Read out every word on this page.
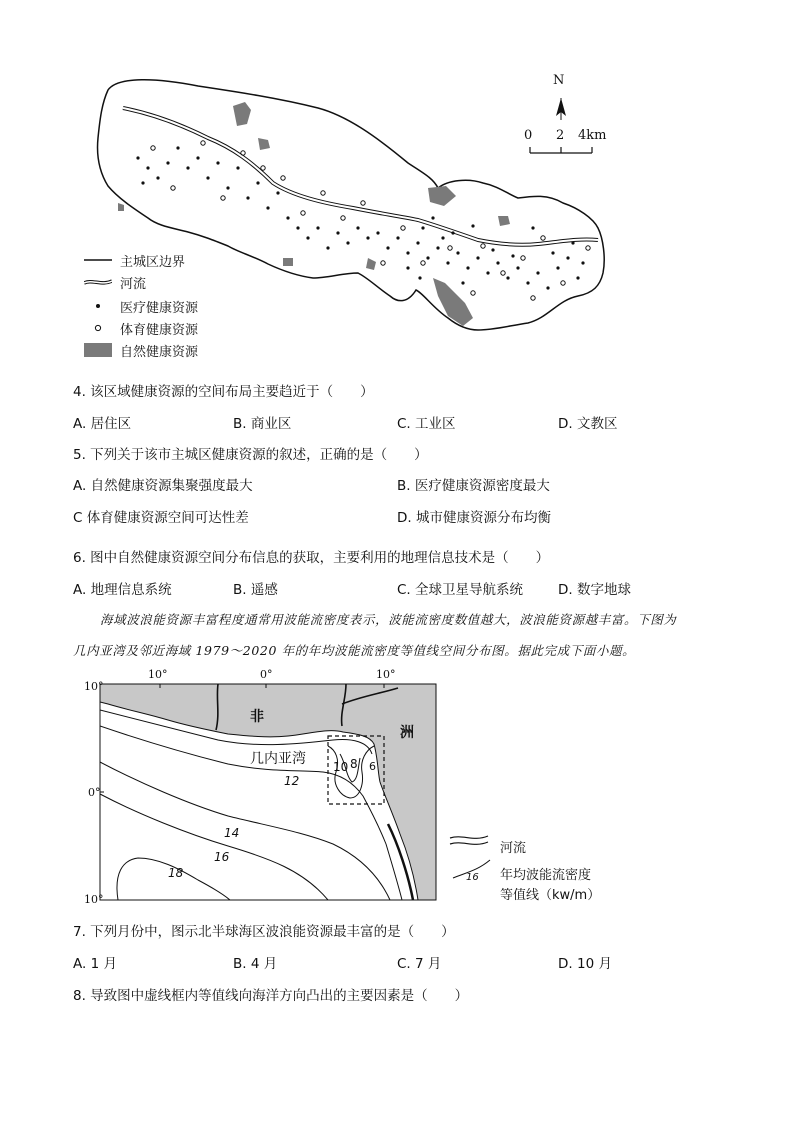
N
0 2 4km
主城区边界
河流
医疗健康资源
体育健康资源
自然健康资源
4. 该区域健康资源的空间布局主要趋近于（　　）
A. 居住区	B. 商业区	C. 工业区	D. 文教区
5. 下列关于该市主城区健康资源的叙述，正确的是（　　）
A. 自然健康资源集聚强度最大	B. 医疗健康资源密度最大
C 体育健康资源空间可达性差	D. 城市健康资源分布均衡
6. 图中自然健康资源空间分布信息的获取，主要利用的地理信息技术是（　　）
A. 地理信息系统	B. 遥感	C. 全球卫星导航系统	D. 数字地球
海域波浪能资源丰富程度通常用波能流密度表示，波能流密度数值越大，波浪能资源越丰富。下图为
几内亚湾及邻近海域 1979～2020 年的年均波能流密度等值线空间分布图。据此完成下面小题。
10°	0°	10°
10°
0°
10°
非
洲
几内亚湾
12
14
16
18
10 8 6
河流
16 年均波能流密度
等值线（kw/m）
7. 下列月份中，图示北半球海区波浪能资源最丰富的是（　　）
A. 1 月	B. 4 月	C. 7 月	D. 10 月
8. 导致图中虚线框内等值线向海洋方向凸出的主要因素是（　　）
